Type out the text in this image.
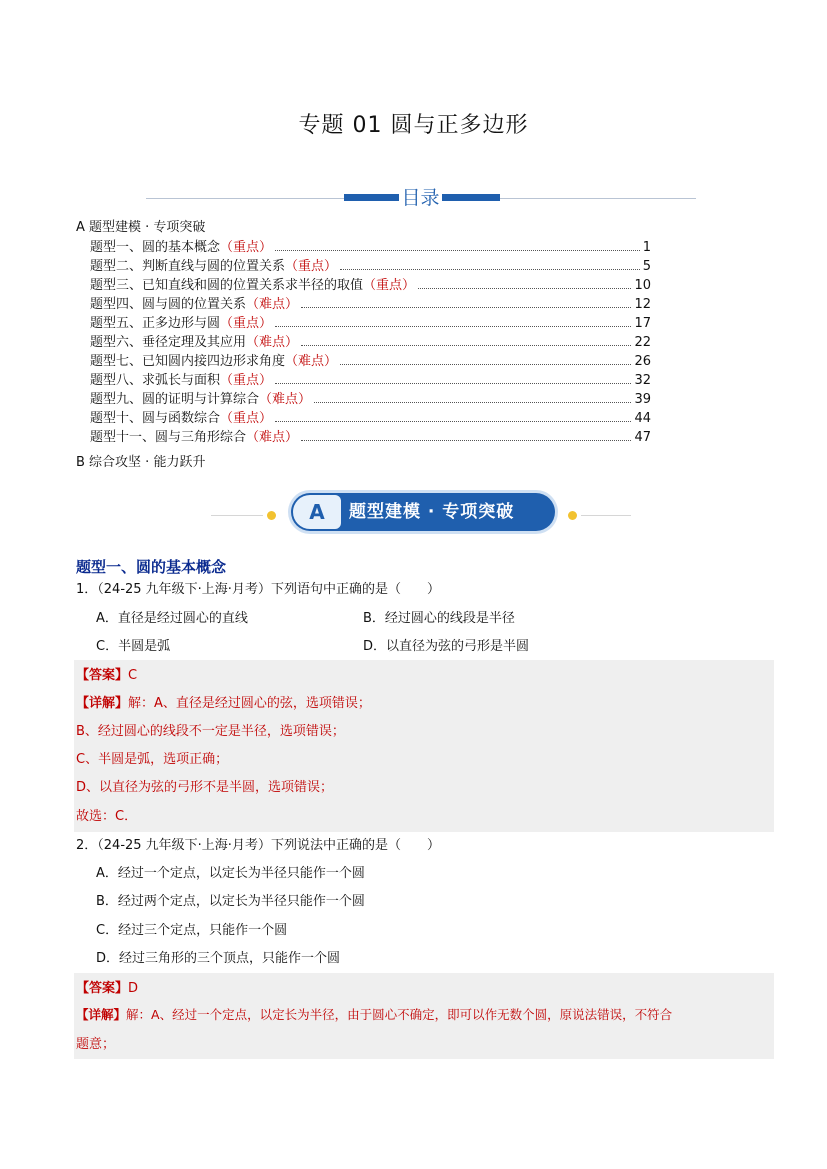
专题 01 圆与正多边形
目录
A 题型建模 · 专项突破
题型一、圆的基本概念 （重点）	1
题型二、判断直线与圆的位置关系 （重点）	5
题型三、已知直线和圆的位置关系求半径的取值 （重点）	10
题型四、圆与圆的位置关系 （难点）	12
题型五、正多边形与圆 （重点）	17
题型六、垂径定理及其应用 （难点）	22
题型七、已知圆内接四边形求角度 （难点）	26
题型八、求弧长与面积 （重点）	32
题型九、圆的证明与计算综合 （难点）	39
题型十、圆与函数综合 （重点）	44
题型十一、圆与三角形综合 （难点）	47
B 综合攻坚 · 能力跃升
A	题型建模 · 专项突破
题型一、圆的基本概念
1．（24-25 九年级下·上海·月考）下列语句中正确的是（　　）
A．直径是经过圆心的直线	B．经过圆心的线段是半径
C．半圆是弧	D．以直径为弦的弓形是半圆
【答案】C
【详解】解：A、直径是经过圆心的弦，选项错误；
B、经过圆心的线段不一定是半径，选项错误；
C、半圆是弧，选项正确；
D、以直径为弦的弓形不是半圆，选项错误；
故选：C．
2．（24-25 九年级下·上海·月考）下列说法中正确的是（　　）
A．经过一个定点，以定长为半径只能作一个圆
B．经过两个定点，以定长为半径只能作一个圆
C．经过三个定点，只能作一个圆
D．经过三角形的三个顶点，只能作一个圆
【答案】D
【详解】解：A、经过一个定点，以定长为半径，由于圆心不确定，即可以作无数个圆，原说法错误，不符合
题意；
